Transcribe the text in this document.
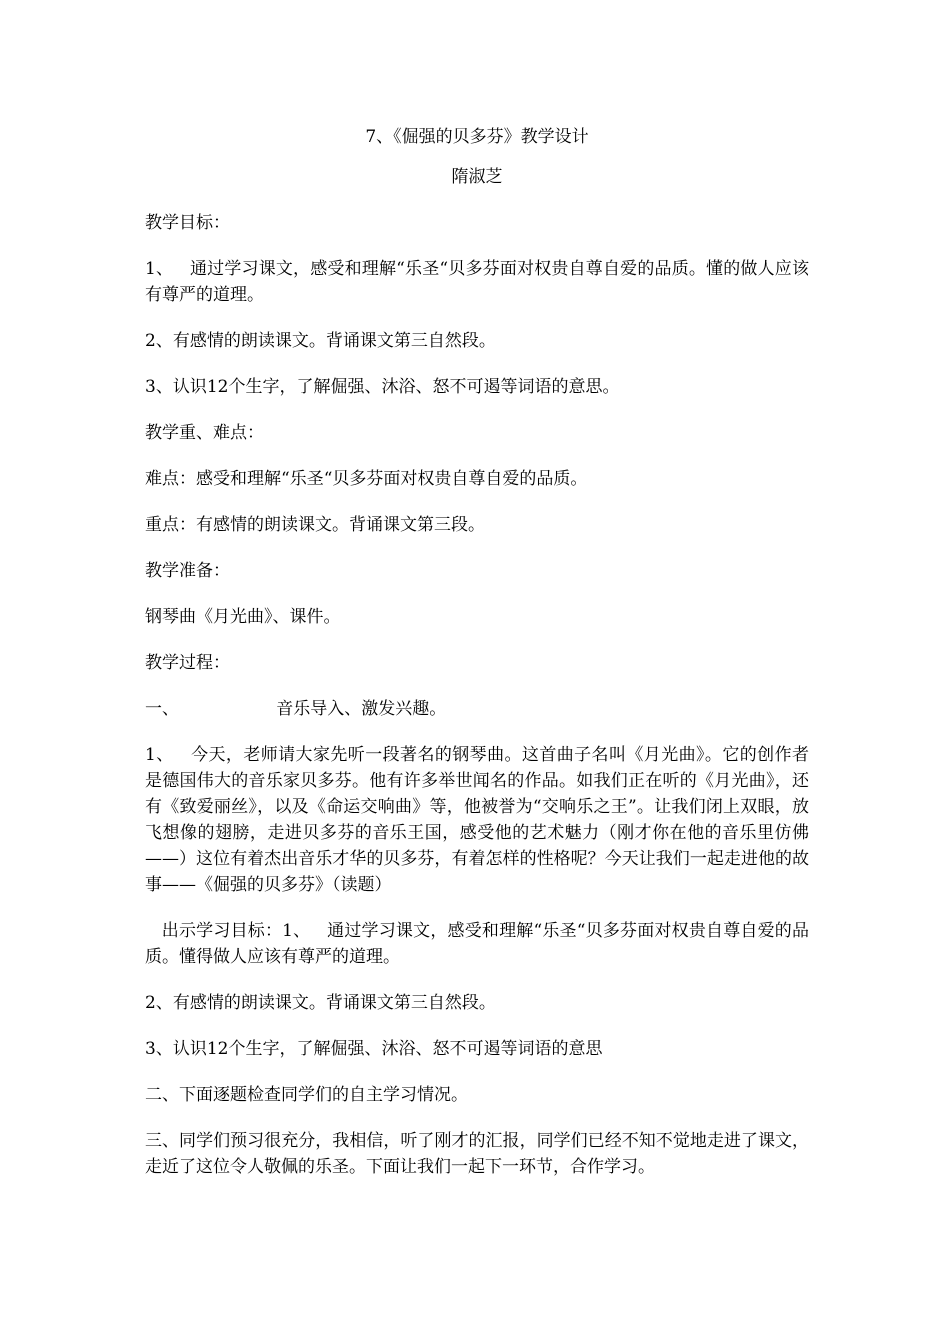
7、《倔强的贝多芬》教学设计
隋淑芝

教学目标：

1、   通过学习课文，感受和理解“乐圣“贝多芬面对权贵自尊自爱的品质。懂的做人应该有尊严的道理。

2、有感情的朗读课文。背诵课文第三自然段。

3、认识12个生字，了解倔强、沐浴、怒不可遏等词语的意思。

教学重、难点：

难点：感受和理解“乐圣“贝多芬面对权贵自尊自爱的品质。

重点：有感情的朗读课文。背诵课文第三段。

教学准备：

钢琴曲《月光曲》、课件。

教学过程：

一、                  音乐导入、激发兴趣。

1、   今天，老师请大家先听一段著名的钢琴曲。这首曲子名叫《月光曲》。它的创作者是德国伟大的音乐家贝多芬。他有许多举世闻名的作品。如我们正在听的《月光曲》，还有《致爱丽丝》，以及《命运交响曲》等，他被誉为“交响乐之王”。让我们闭上双眼，放飞想像的翅膀，走进贝多芬的音乐王国，感受他的艺术魅力（刚才你在他的音乐里仿佛——）这位有着杰出音乐才华的贝多芬，有着怎样的性格呢？今天让我们一起走进他的故事——《倔强的贝多芬》（读题）

出示学习目标：1、   通过学习课文，感受和理解“乐圣“贝多芬面对权贵自尊自爱的品质。懂得做人应该有尊严的道理。

2、有感情的朗读课文。背诵课文第三自然段。

3、认识12个生字，了解倔强、沐浴、怒不可遏等词语的意思

二、下面逐题检查同学们的自主学习情况。

三、同学们预习很充分，我相信，听了刚才的汇报，同学们已经不知不觉地走进了课文，走近了这位令人敬佩的乐圣。下面让我们一起下一环节，合作学习。
